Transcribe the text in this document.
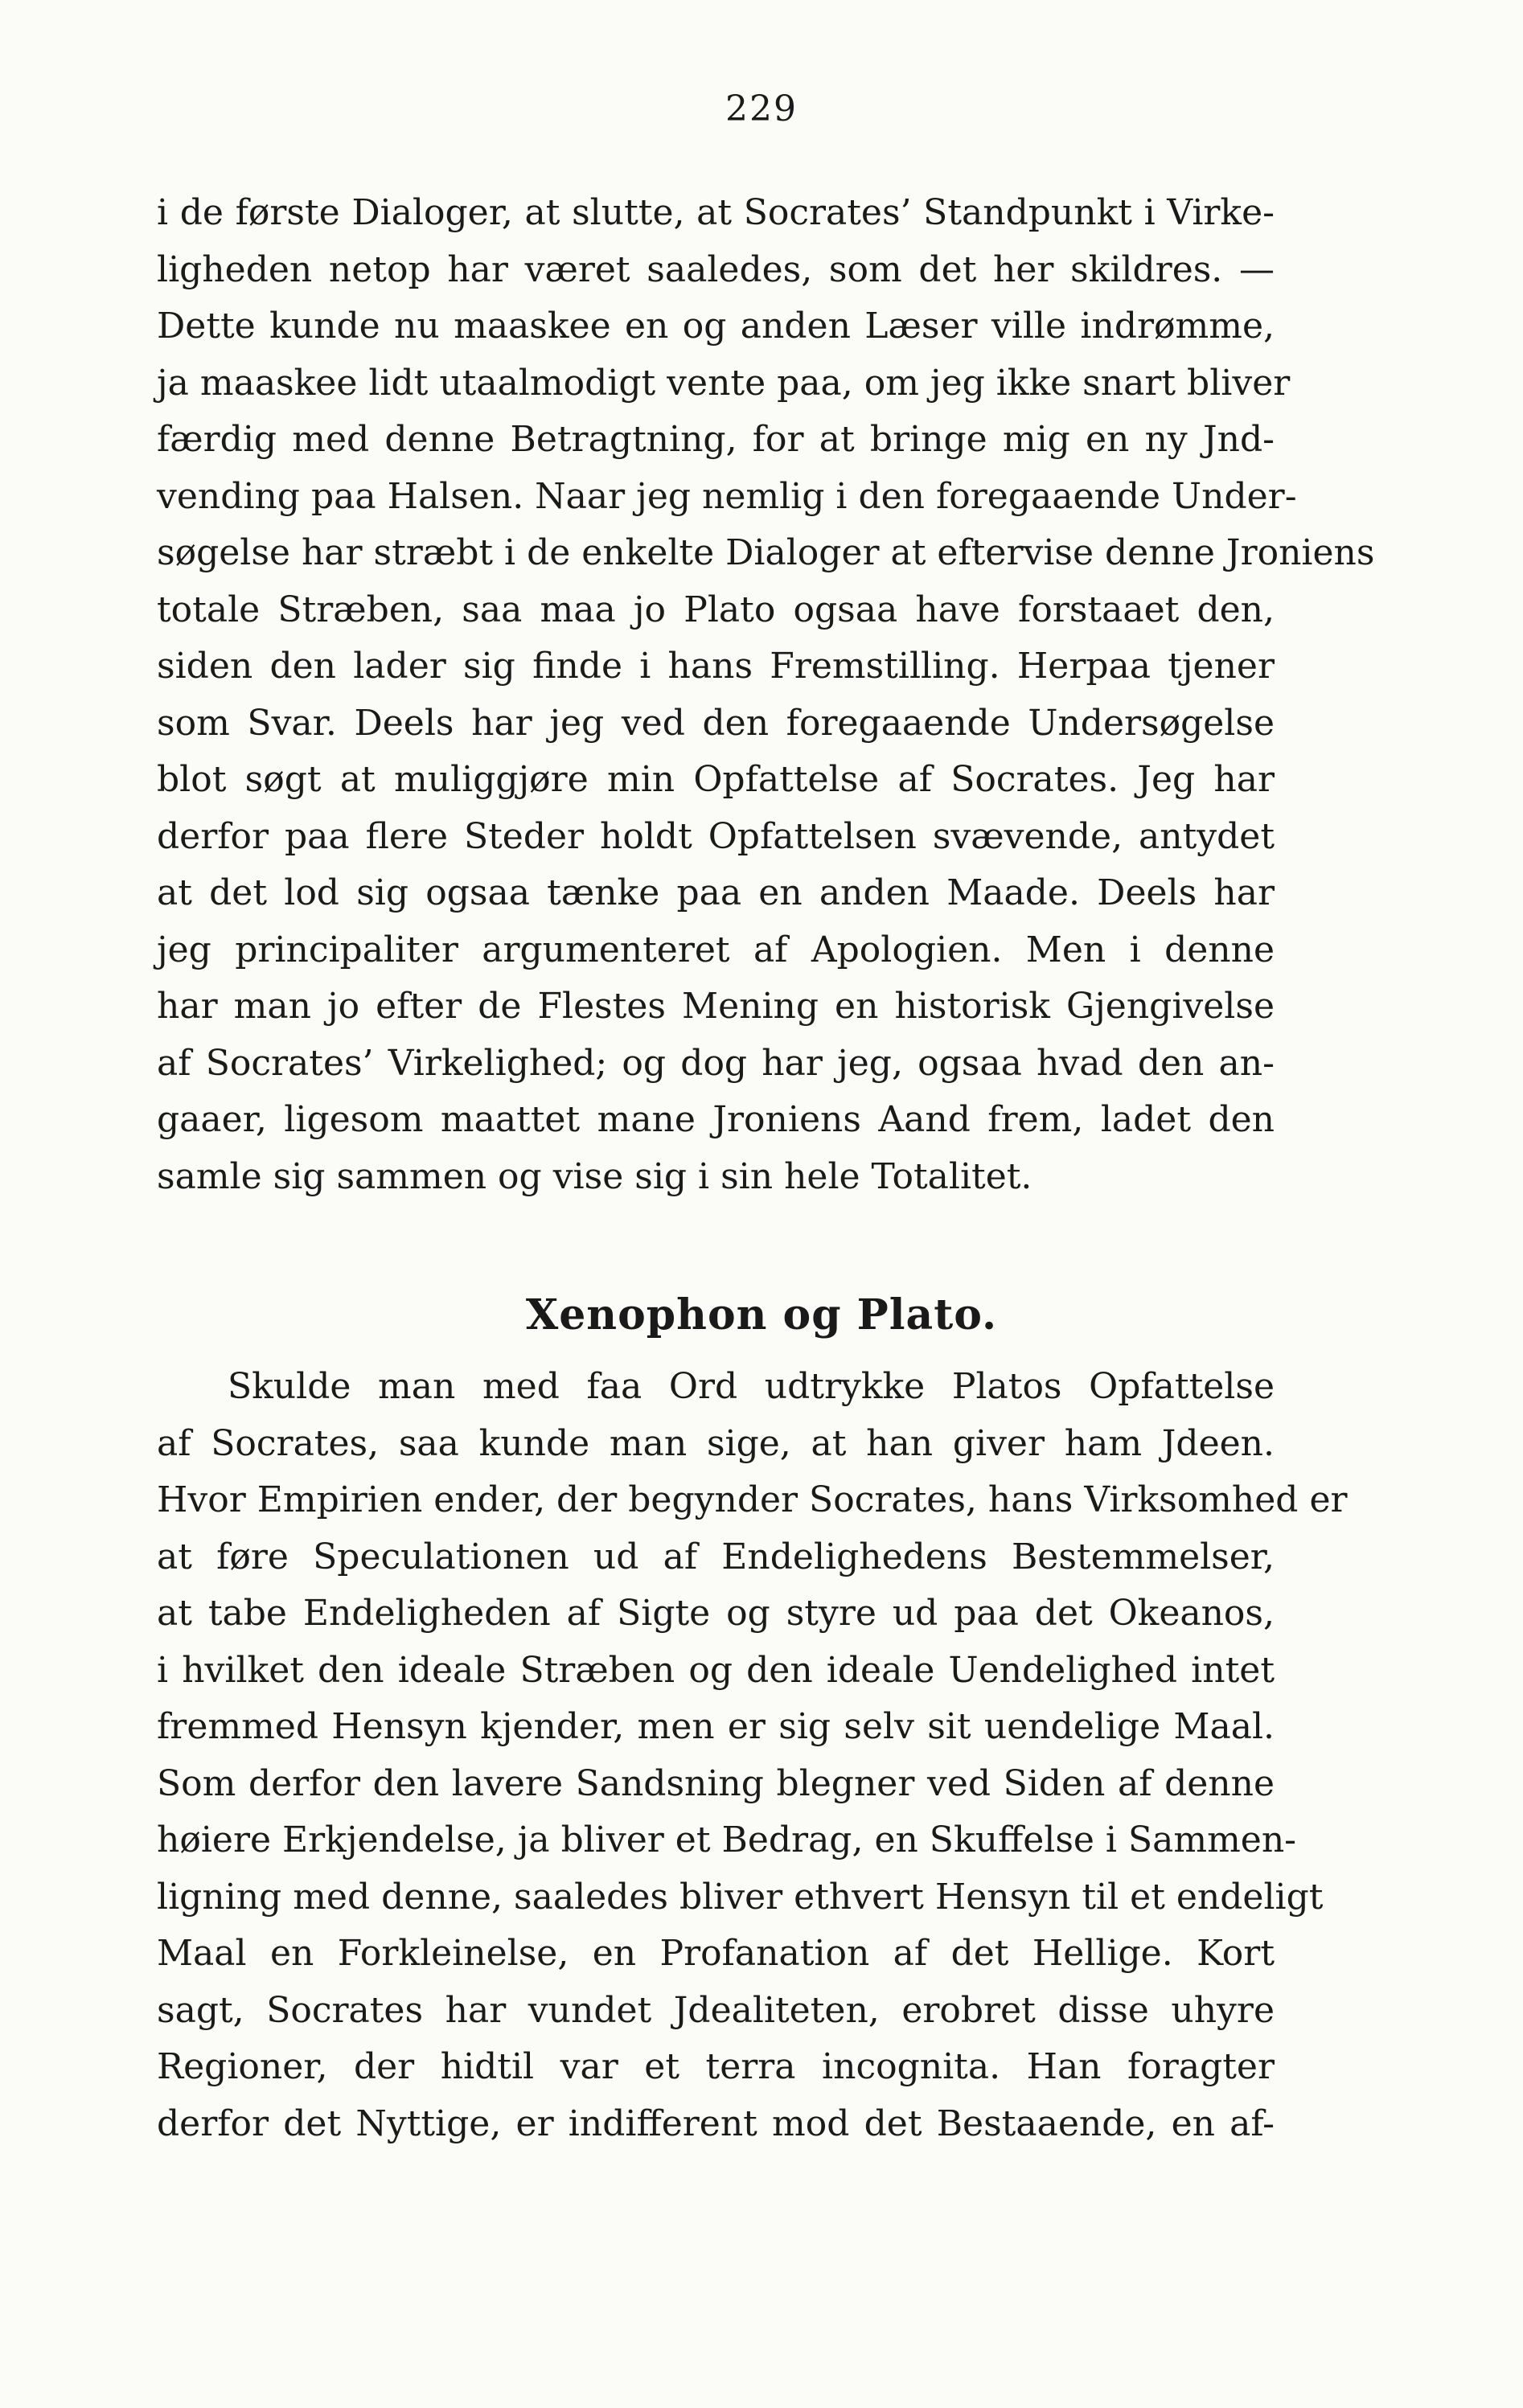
229
i de første Dialoger, at slutte, at Socrates’ Standpunkt i Virke-
ligheden netop har været saaledes, som det her skildres. —
Dette kunde nu maaskee en og anden Læser ville indrømme,
ja maaskee lidt utaalmodigt vente paa, om jeg ikke snart bliver
færdig med denne Betragtning, for at bringe mig en ny Jnd-
vending paa Halsen. Naar jeg nemlig i den foregaaende Under-
søgelse har stræbt i de enkelte Dialoger at eftervise denne Jroniens
totale Stræben, saa maa jo Plato ogsaa have forstaaet den,
siden den lader sig finde i hans Fremstilling. Herpaa tjener
som Svar. Deels har jeg ved den foregaaende Undersøgelse
blot søgt at muliggjøre min Opfattelse af Socrates. Jeg har
derfor paa flere Steder holdt Opfattelsen svævende, antydet
at det lod sig ogsaa tænke paa en anden Maade. Deels har
jeg principaliter argumenteret af Apologien. Men i denne
har man jo efter de Flestes Mening en historisk Gjengivelse
af Socrates’ Virkelighed; og dog har jeg, ogsaa hvad den an-
gaaer, ligesom maattet mane Jroniens Aand frem, ladet den
samle sig sammen og vise sig i sin hele Totalitet.
Xenophon og Plato.
Skulde man med faa Ord udtrykke Platos Opfattelse
af Socrates, saa kunde man sige, at han giver ham Jdeen.
Hvor Empirien ender, der begynder Socrates, hans Virksomhed er
at føre Speculationen ud af Endelighedens Bestemmelser,
at tabe Endeligheden af Sigte og styre ud paa det Okeanos,
i hvilket den ideale Stræben og den ideale Uendelighed intet
fremmed Hensyn kjender, men er sig selv sit uendelige Maal.
Som derfor den lavere Sandsning blegner ved Siden af denne
høiere Erkjendelse, ja bliver et Bedrag, en Skuffelse i Sammen-
ligning med denne, saaledes bliver ethvert Hensyn til et endeligt
Maal en Forkleinelse, en Profanation af det Hellige. Kort
sagt, Socrates har vundet Jdealiteten, erobret disse uhyre
Regioner, der hidtil var et terra incognita. Han foragter
derfor det Nyttige, er indifferent mod det Bestaaende, en af-
